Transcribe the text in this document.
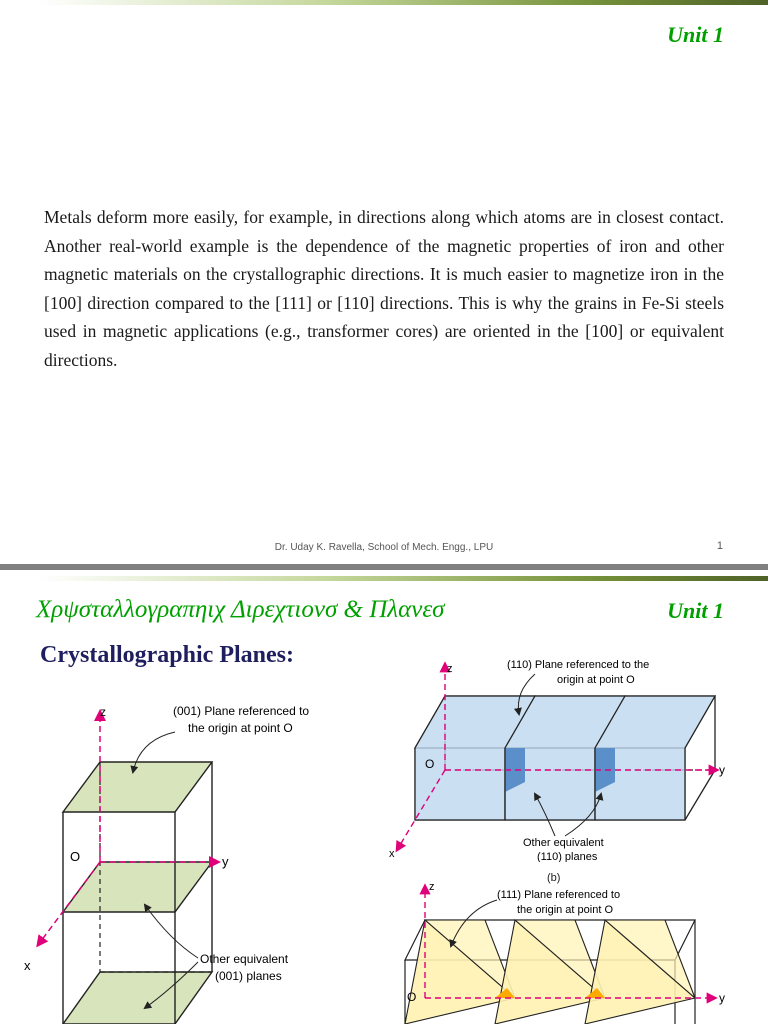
Unit 1
Metals deform more easily, for example, in directions along which atoms are in closest contact. Another real-world example is the dependence of the magnetic properties of iron and other magnetic materials on the crystallographic directions. It is much easier to magnetize iron in the [100] direction compared to the [111] or [110] directions. This is why the grains in Fe-Si steels used in magnetic applications (e.g., transformer cores) are oriented in the [100] or equivalent directions.
Dr. Uday K. Ravella, School of Mech. Engg., LPU	1
Χρψσταλλογραπηιχ Διρεχτιονσ & Πλανεσ	Unit 1
Crystallographic Planes:
z
y
x
O
(001) Plane referenced to
the origin at point O
Other equivalent
(001) planes
z
y
x
O
(110) Plane referenced to the
origin at point O
Other equivalent
(110) planes
(b)
z
y
O
(111) Plane referenced to
the origin at point O
